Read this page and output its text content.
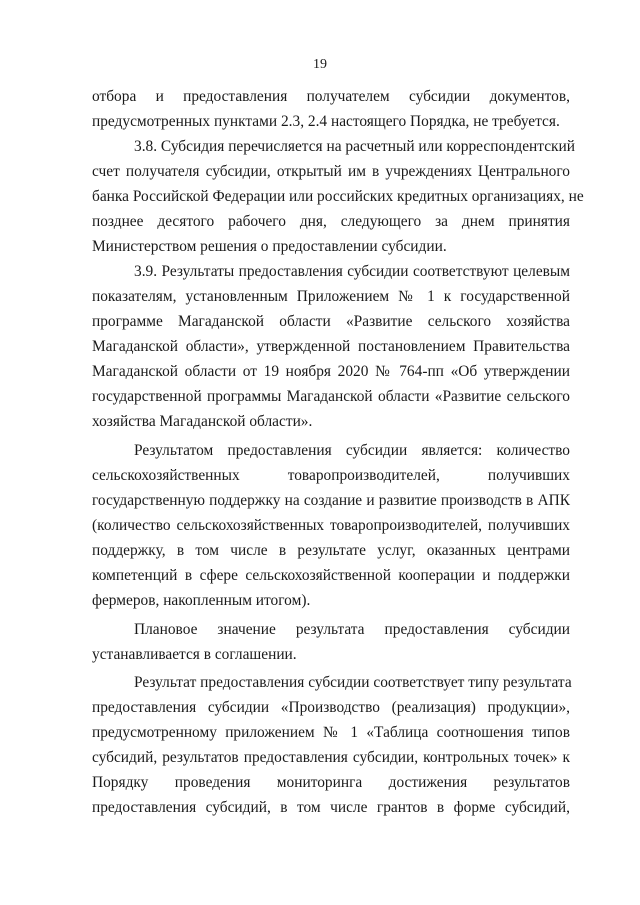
19
отбора и предоставления получателем субсидии документов,
предусмотренных пунктами 2.3, 2.4 настоящего Порядка, не требуется.
3.8. Субсидия перечисляется на расчетный или корреспондентский
счет получателя субсидии, открытый им в учреждениях Центрального
банка Российской Федерации или российских кредитных организациях, не
позднее десятого рабочего дня, следующего за днем принятия
Министерством решения о предоставлении субсидии.
3.9. Результаты предоставления субсидии соответствуют целевым
показателям, установленным Приложением № 1 к государственной
программе Магаданской области «Развитие сельского хозяйства
Магаданской области», утвержденной постановлением Правительства
Магаданской области от 19 ноября 2020 № 764-пп «Об утверждении
государственной программы Магаданской области «Развитие сельского
хозяйства Магаданской области».
Результатом предоставления субсидии является: количество
сельскохозяйственных товаропроизводителей, получивших
государственную поддержку на создание и развитие производств в АПК
(количество сельскохозяйственных товаропроизводителей, получивших
поддержку, в том числе в результате услуг, оказанных центрами
компетенций в сфере сельскохозяйственной кооперации и поддержки
фермеров, накопленным итогом).
Плановое значение результата предоставления субсидии
устанавливается в соглашении.
Результат предоставления субсидии соответствует типу результата
предоставления субсидии «Производство (реализация) продукции»,
предусмотренному приложением № 1 «Таблица соотношения типов
субсидий, результатов предоставления субсидии, контрольных точек» к
Порядку проведения мониторинга достижения результатов
предоставления субсидий, в том числе грантов в форме субсидий,
